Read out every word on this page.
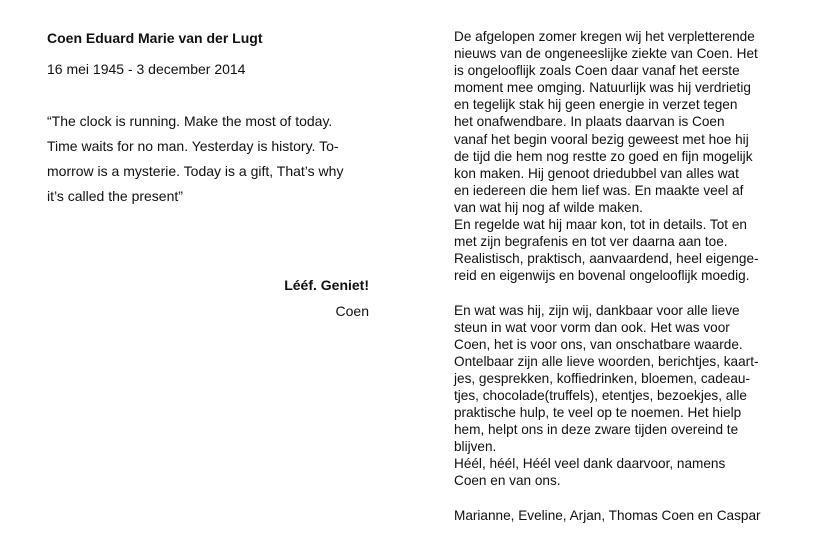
Coen Eduard Marie van der Lugt
16 mei 1945 - 3 december 2014
“The clock is running. Make the most of today.
Time waits for no man. Yesterday is history. To-
morrow is a mysterie. Today is a gift, That’s why
it’s called the present”
Lééf. Geniet!
Coen
De afgelopen zomer kregen wij het verpletterende
nieuws van de ongeneeslijke ziekte van Coen. Het
is ongelooflijk zoals Coen daar vanaf het eerste
moment mee omging. Natuurlijk was hij verdrietig
en tegelijk stak hij geen energie in verzet tegen
het onafwendbare. In plaats daarvan is Coen
vanaf het begin vooral bezig geweest met hoe hij
de tijd die hem nog restte zo goed en fijn mogelijk
kon maken. Hij genoot driedubbel van alles wat
en iedereen die hem lief was. En maakte veel af
van wat hij nog af wilde maken.
En regelde wat hij maar kon, tot in details. Tot en
met zijn begrafenis en tot ver daarna aan toe.
Realistisch, praktisch, aanvaardend, heel eigenge-
reid en eigenwijs en bovenal ongelooflijk moedig.
En wat was hij, zijn wij, dankbaar voor alle lieve
steun in wat voor vorm dan ook. Het was voor
Coen, het is voor ons, van onschatbare waarde.
Ontelbaar zijn alle lieve woorden, berichtjes, kaart-
jes, gesprekken, koffiedrinken, bloemen, cadeau-
tjes, chocolade(truffels), etentjes, bezoekjes, alle
praktische hulp, te veel op te noemen. Het hielp
hem, helpt ons in deze zware tijden overeind te
blijven.
Héél, héél, Héél veel dank daarvoor, namens
Coen en van ons.
Marianne, Eveline, Arjan, Thomas Coen en Caspar
